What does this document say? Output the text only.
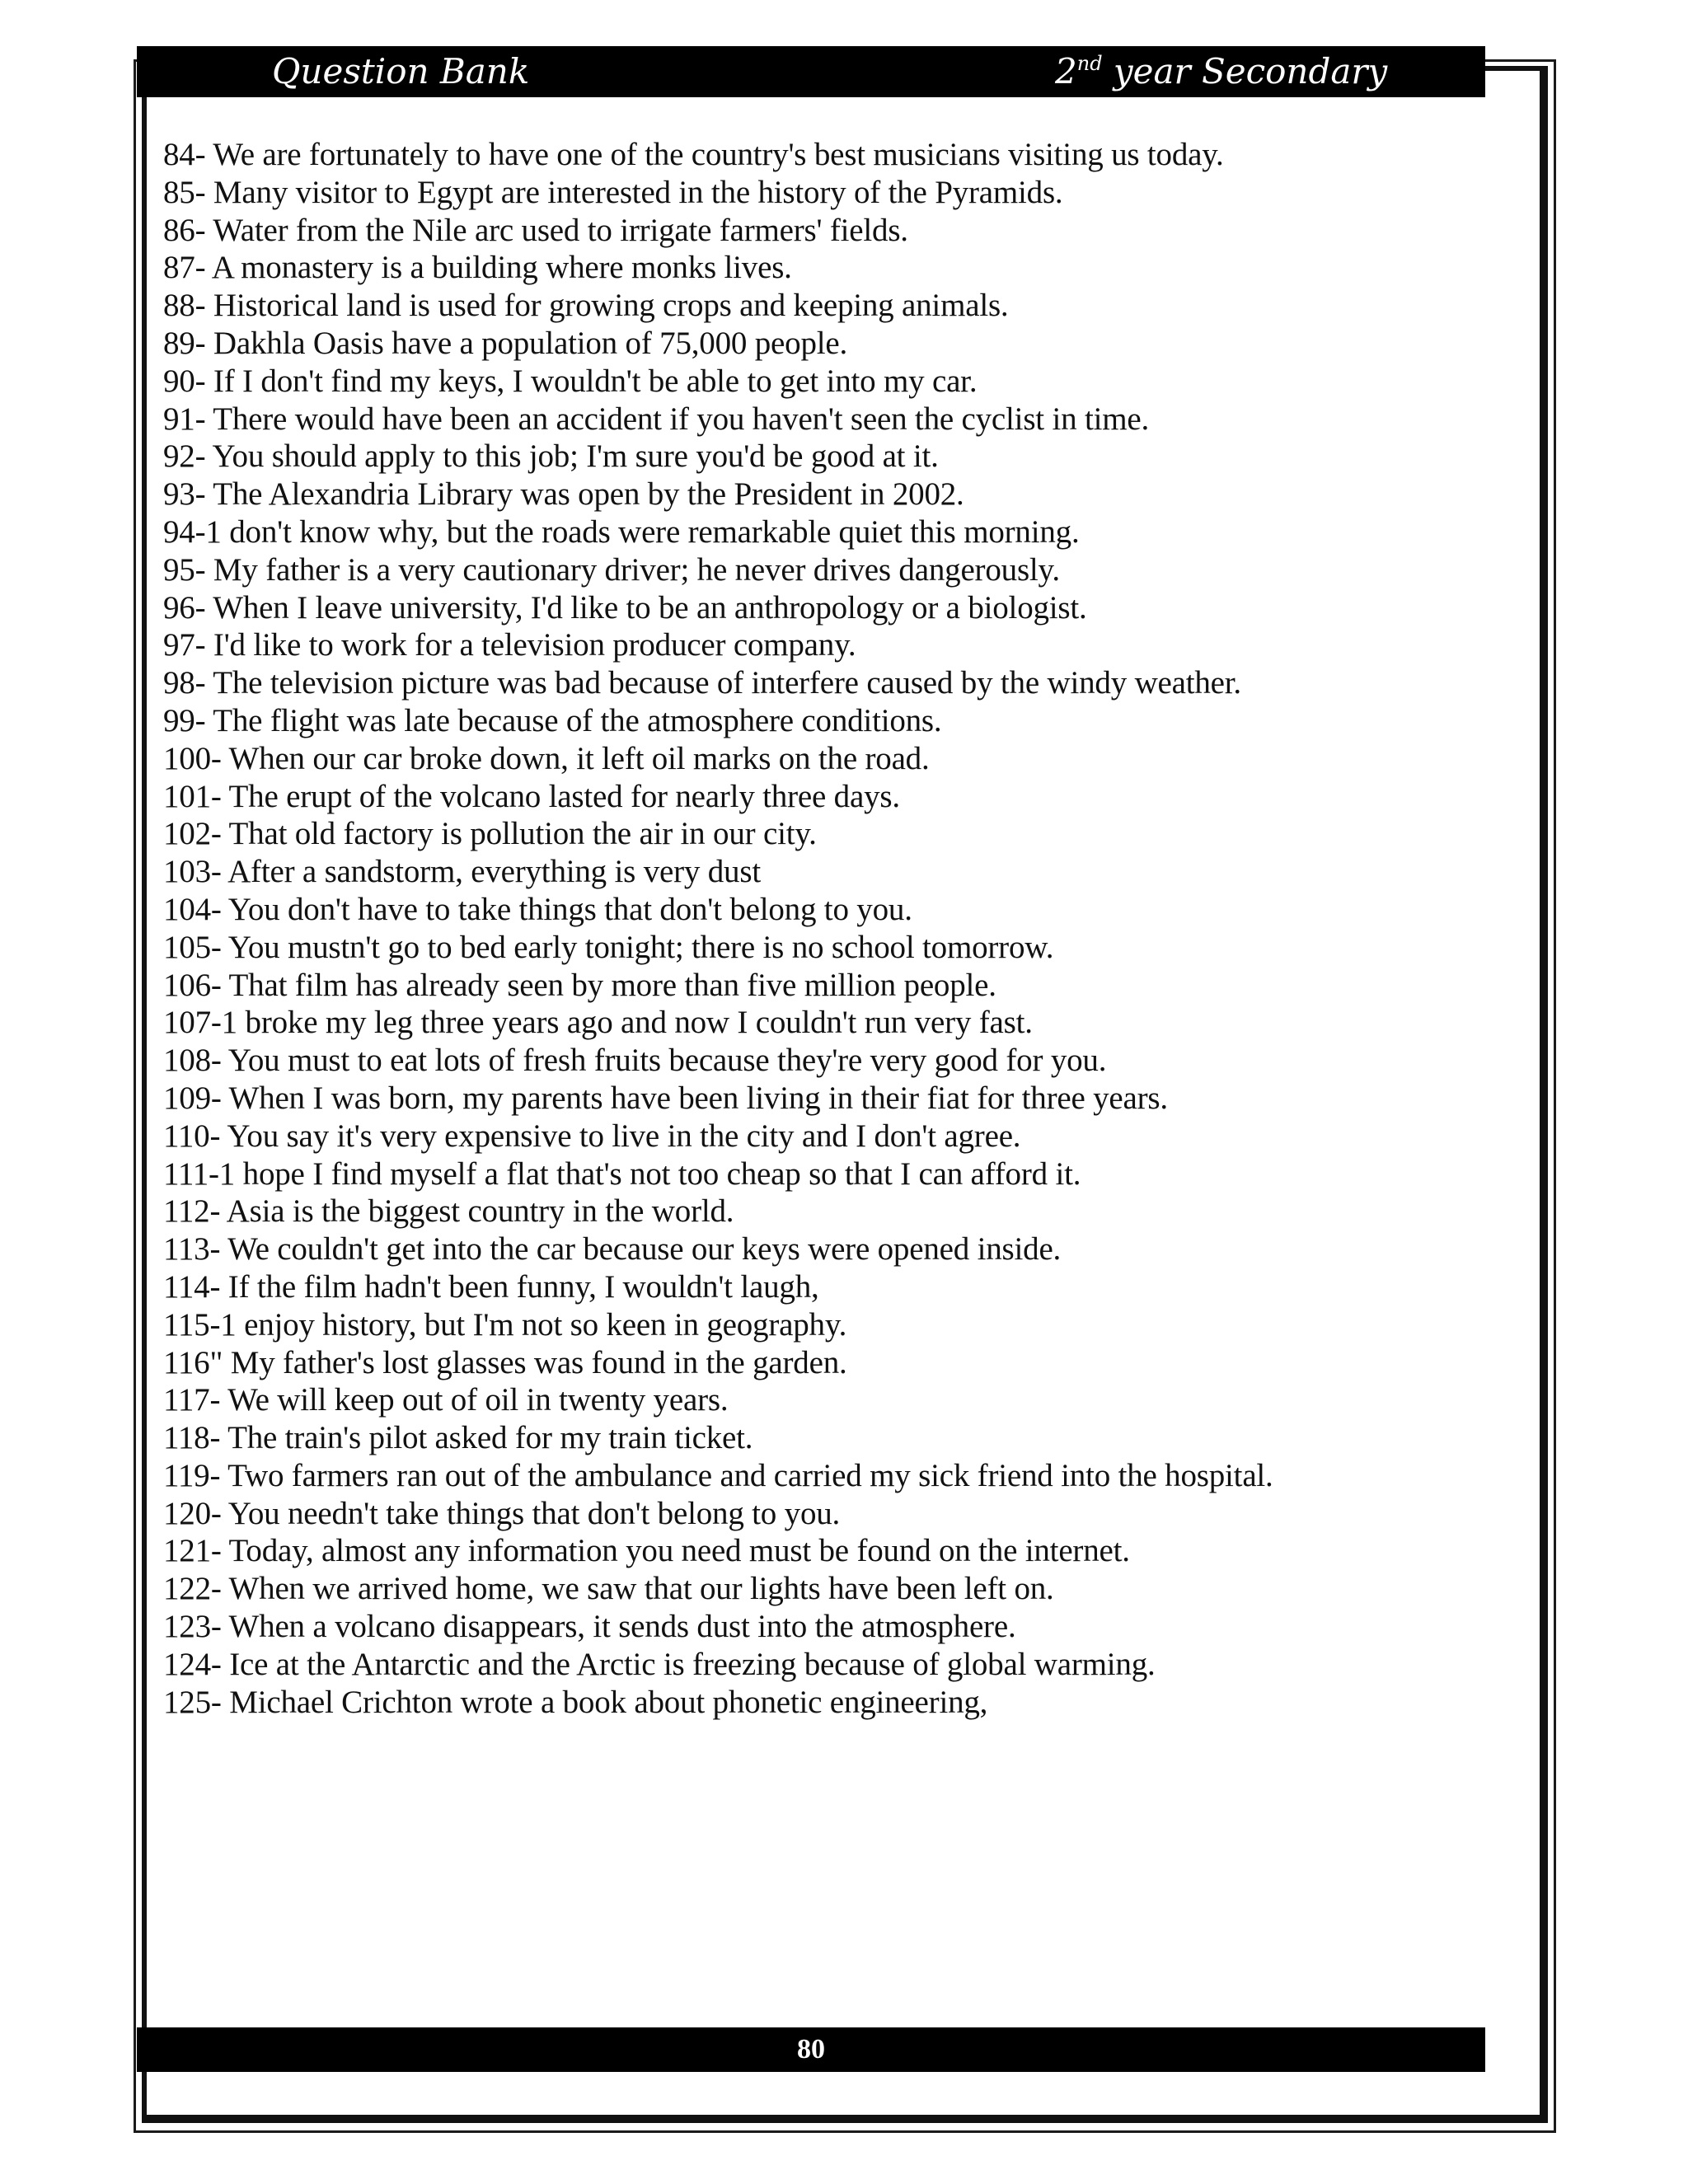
Question Bank	2nd year Secondary
84- We are fortunately to have one of the country's best musicians visiting us today.
85- Many visitor to Egypt are interested in the history of the Pyramids.
86- Water from the Nile arc used to irrigate farmers' fields.
87- A monastery is a building where monks lives.
88- Historical land is used for growing crops and keeping animals.
89- Dakhla Oasis have a population of 75,000 people.
90- If I don't find my keys, I wouldn't be able to get into my car.
91- There would have been an accident if you haven't seen the cyclist in time.
92- You should apply to this job; I'm sure you'd be good at it.
93- The Alexandria Library was open by the President in 2002.
94-1 don't know why, but the roads were remarkable quiet this morning.
95- My father is a very cautionary driver; he never drives dangerously.
96- When I leave university, I'd like to be an anthropology or a biologist.
97- I'd like to work for a television producer company.
98- The television picture was bad because of interfere caused by the windy weather.
99- The flight was late because of the atmosphere conditions.
100- When our car broke down, it left oil marks on the road.
101- The erupt of the volcano lasted for nearly three days.
102- That old factory is pollution the air in our city.
103- After a sandstorm, everything is very dust
104- You don't have to take things that don't belong to you.
105- You mustn't go to bed early tonight; there is no school tomorrow.
106- That film has already seen by more than five million people.
107-1 broke my leg three years ago and now I couldn't run very fast.
108- You must to eat lots of fresh fruits because they're very good for you.
109- When I was born, my parents have been living in their fiat for three years.
110- You say it's very expensive to live in the city and I don't agree.
111-1 hope I find myself a flat that's not too cheap so that I can afford it.
112- Asia is the biggest country in the world.
113- We couldn't get into the car because our keys were opened inside.
114- If the film hadn't been funny, I wouldn't laugh,
115-1 enjoy history, but I'm not so keen in geography.
116" My father's lost glasses was found in the garden.
117- We will keep out of oil in twenty years.
118- The train's pilot asked for my train ticket.
119- Two farmers ran out of the ambulance and carried my sick friend into the hospital.
120- You needn't take things that don't belong to you.
121- Today, almost any information you need must be found on the internet.
122- When we arrived home, we saw that our lights have been left on.
123- When a volcano disappears, it sends dust into the atmosphere.
124- Ice at the Antarctic and the Arctic is freezing because of global warming.
125- Michael Crichton wrote a book about phonetic engineering,
80
